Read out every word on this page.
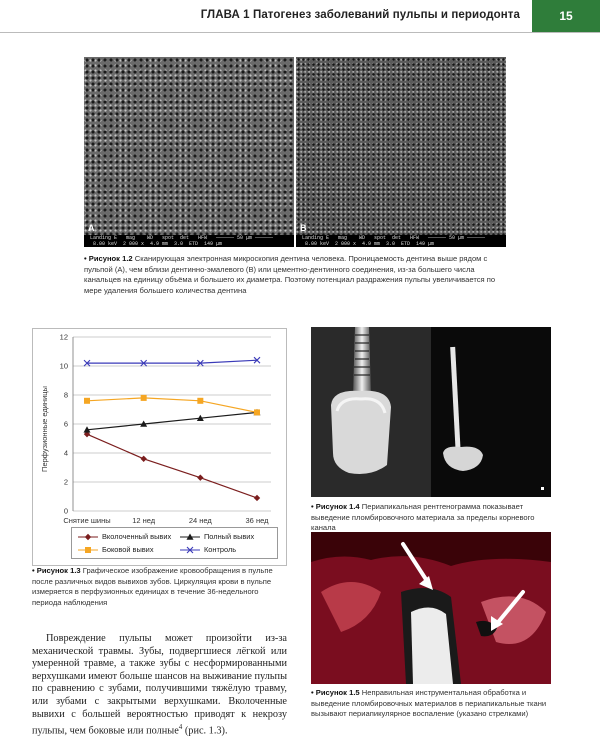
ГЛАВА 1 Патогенез заболеваний пульпы и периодонта	15
A
Landing E   mag    WD   spot  det   HFW   —————— 50 μm ——————
8.00 keV  2 000 x  4.9 mm  3.0  ETD  149 μm
B
Landing E   mag    WD   spot  det   HFW   —————— 50 μm ——————
8.00 keV  2 000 x  4.9 mm  3.0  ETD  149 μm
• Рисунок 1.2 Сканирующая электронная микроскопия дентина человека. Проницаемость дентина выше рядом с пульпой (A), чем вблизи дентинно-эмалевого (B) или цементно-дентинного соединения, из-за большего числа канальцев на единицу объёма и большего их диаметра. Поэтому потенциал раздражения пульпы увеличивается по мере удаления большего количества дентина
0
2
4
6
8
10
12
Снятие шины	12 нед	24 нед	36 нед
Перфузионные единицы
Вколоченный вывих	Полный вывих
Боковой вывих	Контроль
• Рисунок 1.3 Графическое изображение кровообращения в пульпе после различных видов вывихов зубов. Циркуляция крови в пульпе измеряется в перфузионных единицах в течение 36-недельного периода наблюдения
• Рисунок 1.4 Периапикальная рентгенограмма показывает выведение пломбировочного материала за пределы корневого канала
• Рисунок 1.5 Неправильная инструментальная обработка и выведение пломбировочных материалов в периапикальные ткани вызывают периапикулярное воспаление (указано стрелками)
Повреждение пульпы может произойти из-за механической травмы. Зубы, подвергшиеся лёгкой или умеренной травме, а также зубы с несформированными верхушками имеют больше шансов на выживание пульпы по сравнению с зубами, получившими тяжёлую травму, или зубами с закрытыми верхушками. Вколоченные вывихи с большей вероятностью приводят к некрозу пульпы, чем боковые или полные$^4$ (рис. 1.3).
